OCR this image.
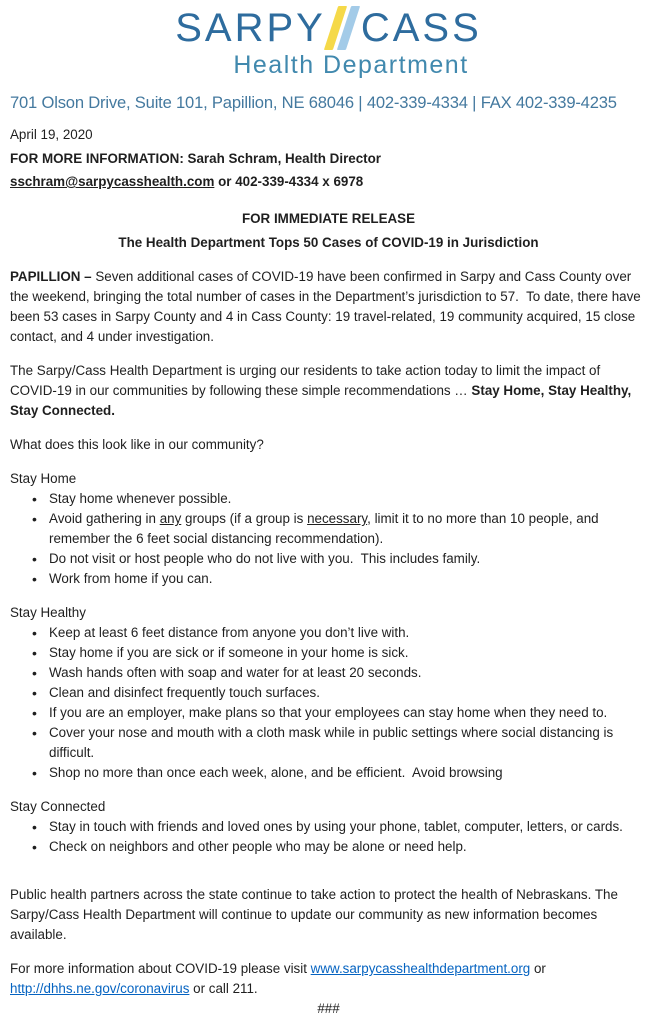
SARPY CASS
Health Department
701 Olson Drive, Suite 101, Papillion, NE 68046 | 402-339-4334 | FAX 402-339-4235

April 19, 2020

FOR MORE INFORMATION: Sarah Schram, Health Director

sschram@sarpycasshealth.com or 402-339-4334 x 6978

FOR IMMEDIATE RELEASE

The Health Department Tops 50 Cases of COVID-19 in Jurisdiction

PAPILLION – Seven additional cases of COVID-19 have been confirmed in Sarpy and Cass County over the weekend, bringing the total number of cases in the Department’s jurisdiction to 57.  To date, there have been 53 cases in Sarpy County and 4 in Cass County: 19 travel-related, 19 community acquired, 15 close contact, and 4 under investigation.

The Sarpy/Cass Health Department is urging our residents to take action today to limit the impact of COVID-19 in our communities by following these simple recommendations … Stay Home, Stay Healthy, Stay Connected.

What does this look like in our community?

Stay Home

• Stay home whenever possible.
• Avoid gathering in any groups (if a group is necessary, limit it to no more than 10 people, and remember the 6 feet social distancing recommendation).
• Do not visit or host people who do not live with you.  This includes family.
• Work from home if you can.

Stay Healthy

• Keep at least 6 feet distance from anyone you don’t live with.
• Stay home if you are sick or if someone in your home is sick.
• Wash hands often with soap and water for at least 20 seconds.
• Clean and disinfect frequently touch surfaces.
• If you are an employer, make plans so that your employees can stay home when they need to.
• Cover your nose and mouth with a cloth mask while in public settings where social distancing is difficult.
• Shop no more than once each week, alone, and be efficient.  Avoid browsing

Stay Connected

• Stay in touch with friends and loved ones by using your phone, tablet, computer, letters, or cards.
• Check on neighbors and other people who may be alone or need help.

Public health partners across the state continue to take action to protect the health of Nebraskans. The Sarpy/Cass Health Department will continue to update our community as new information becomes available.

For more information about COVID-19 please visit www.sarpycasshealthdepartment.org or http://dhhs.ne.gov/coronavirus or call 211.

###
